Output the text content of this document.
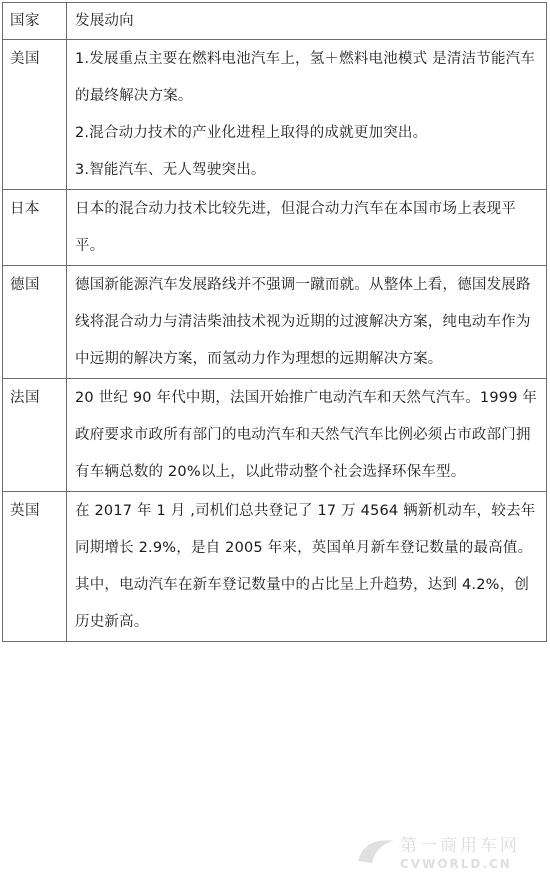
国家	发展动向
美国	1.发展重点主要在燃料电池汽车上，氢＋燃料电池模式 是清洁节能汽车的最终解决方案。

2.混合动力技术的产业化进程上取得的成就更加突出。

3.智能汽车、无人驾驶突出。

日本	日本的混合动力技术比较先进，但混合动力汽车在本国市场上表现平平。

德国	德国新能源汽车发展路线并不强调一蹴而就。从整体上看，德国发展路线将混合动力与清洁柴油技术视为近期的过渡解决方案，纯电动车作为中远期的解决方案，而氢动力作为理想的远期解决方案。

法国	20 世纪 90 年代中期，法国开始推广电动汽车和天然气汽车。1999 年政府要求市政所有部门的电动汽车和天然气汽车比例必须占市政部门拥有车辆总数的 20%以上，以此带动整个社会选择环保车型。

英国	在 2017 年 1 月 ,司机们总共登记了 17 万 4564 辆新机动车，较去年同期增长 2.9%，是自 2005 年来，英国单月新车登记数量的最高值。其中，电动汽车在新车登记数量中的占比呈上升趋势，达到 4.2%，创历史新高。

第一商用车网
CVWORLD.CN
